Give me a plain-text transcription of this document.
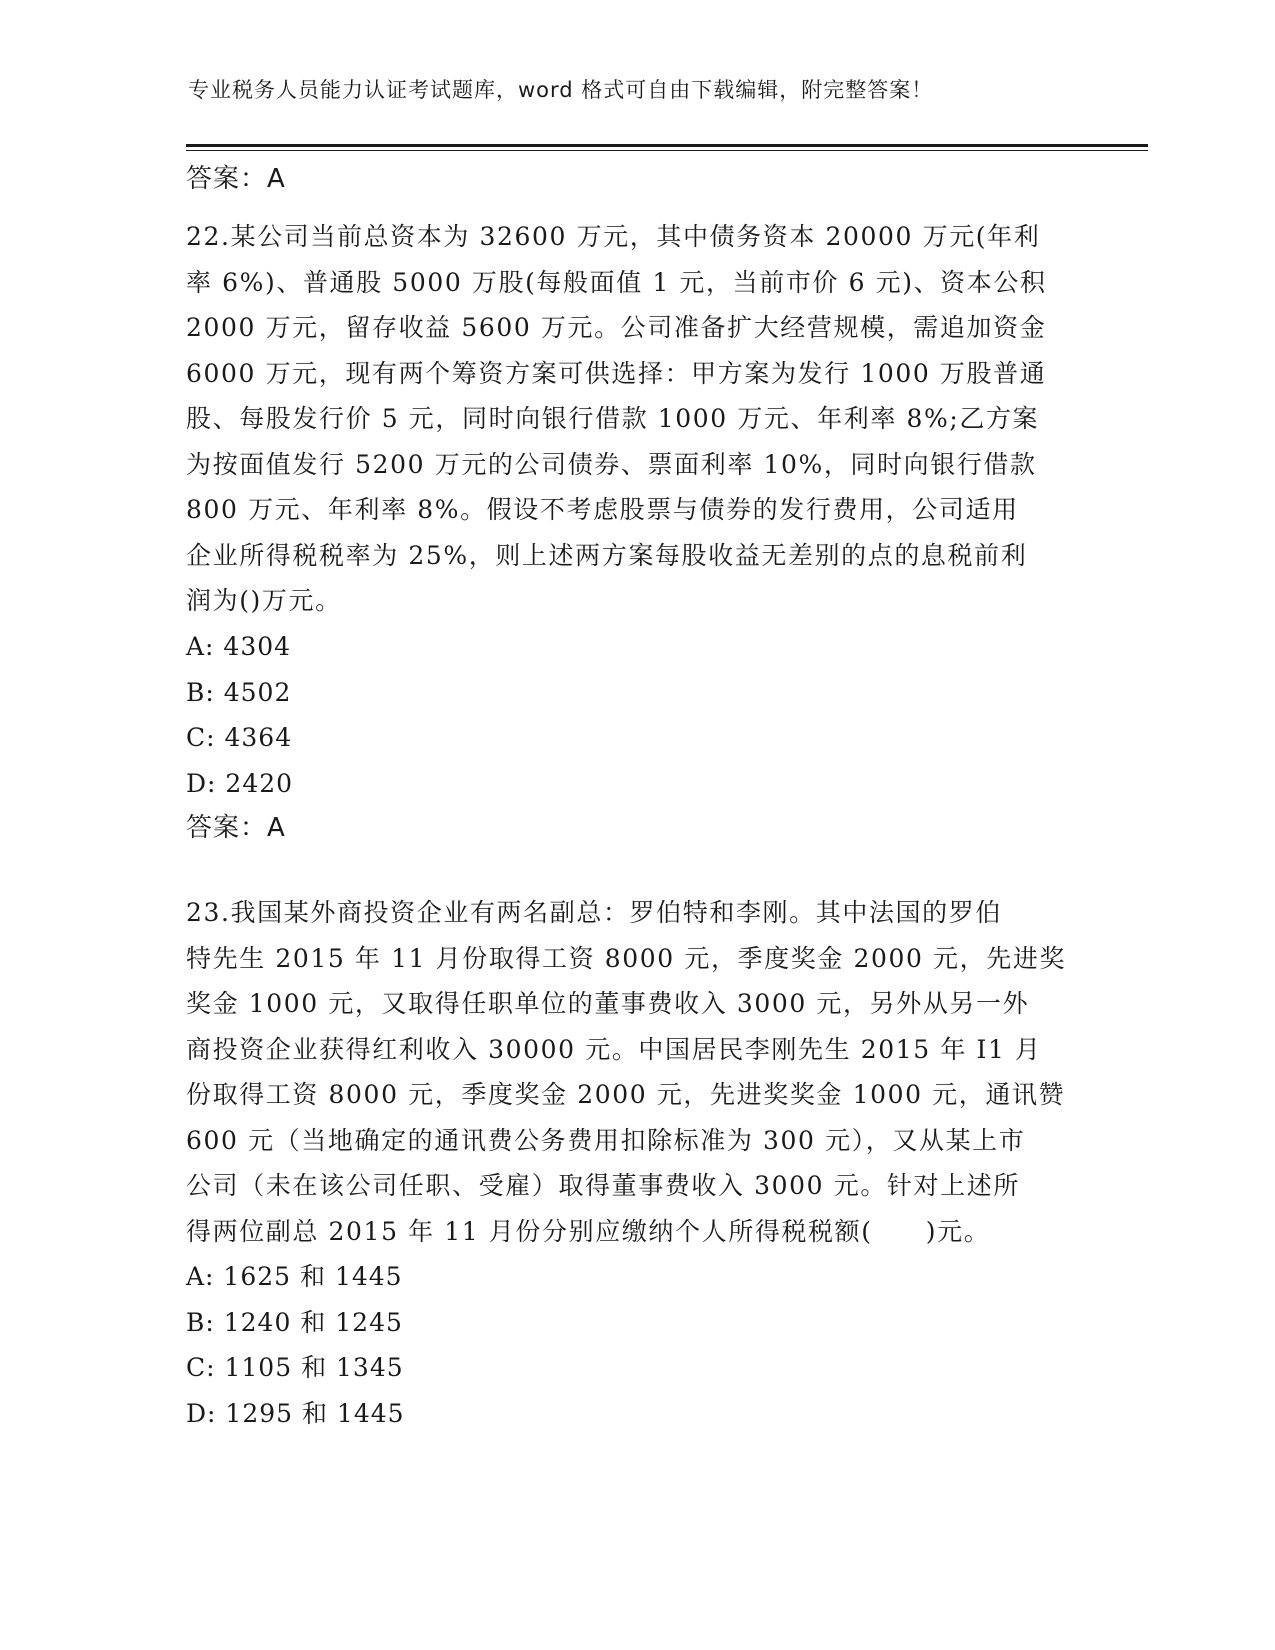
专业税务人员能力认证考试题库，word 格式可自由下载编辑，附完整答案！
答案：A
22.某公司当前总资本为 32600 万元，其中债务资本 20000 万元(年利
率 6%)、普通股 5000 万股(每般面值 1 元，当前市价 6 元)、资本公积
2000 万元，留存收益 5600 万元。公司准备扩大经营规模，需追加资金
6000 万元，现有两个筹资方案可供选择：甲方案为发行 1000 万股普通
股、每股发行价 5 元，同时向银行借款 1000 万元、年利率 8%;乙方案
为按面值发行 5200 万元的公司债券、票面利率 10%，同时向银行借款
800 万元、年利率 8%。假设不考虑股票与债券的发行费用，公司适用
企业所得税税率为 25%，则上述两方案每股收益无差别的点的息税前利
润为()万元。
A: 4304
B: 4502
C: 4364
D: 2420
答案：A
23.我国某外商投资企业有两名副总：罗伯特和李刚。其中法国的罗伯
特先生 2015 年 11 月份取得工资 8000 元，季度奖金 2000 元，先进奖
奖金 1000 元，又取得任职单位的董事费收入 3000 元，另外从另一外
商投资企业获得红利收入 30000 元。中国居民李刚先生 2015 年 I1 月
份取得工资 8000 元，季度奖金 2000 元，先进奖奖金 1000 元，通讯赞
600 元（当地确定的通讯费公务费用扣除标准为 300 元），又从某上市
公司（未在该公司任职、受雇）取得董事费收入 3000 元。针对上述所
得两位副总 2015 年 11 月份分别应缴纳个人所得税税额(　　)元。
A: 1625 和 1445
B: 1240 和 1245
C: 1105 和 1345
D: 1295 和 1445
